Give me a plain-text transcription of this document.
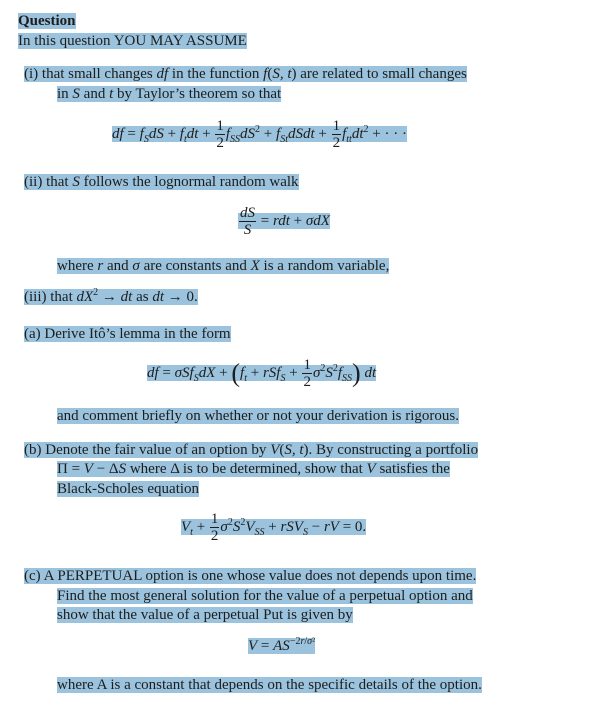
Question
In this question YOU MAY ASSUME
(i) that small changes df in the function f(S, t) are related to small changes
in S and t by Taylor’s theorem so that
df = $f_SdS + f_tdt + \frac{1}{2} f_{SS}dS^2$ + $f_{St}dSdt + \frac{1}{2} f_{tt}dt^2$ + · · ·
(ii) that S follows the lognormal random walk
$\frac{dS}{S}$ = rdt + σdX
where r and σ are constants and X is a random variable,
(iii) that $dX^2$ → dt as dt → 0.
(a) Derive Itô’s lemma in the form
df = $\sigma Sf_SdX + (f_t + rSf_S + \frac{1}{2} \sigma^2S^2f_{SS})$ dt
and comment briefly on whether or not your derivation is rigorous.
(b) Denote the fair value of an option by V(S, t). By constructing a portfolio
Π = V − ΔS where Δ is to be determined, show that V satisfies the
Black-Scholes equation
$V_t + \frac{1}{2} \sigma^2S^2V_{SS} + rSV_S$ − rV = 0.
(c) A PERPETUAL option is one whose value does not depends upon time.
Find the most general solution for the value of a perpetual option and
show that the value of a perpetual Put is given by
$V = AS^{-2r/\sigma^2}$
where A is a constant that depends on the specific details of the option.
